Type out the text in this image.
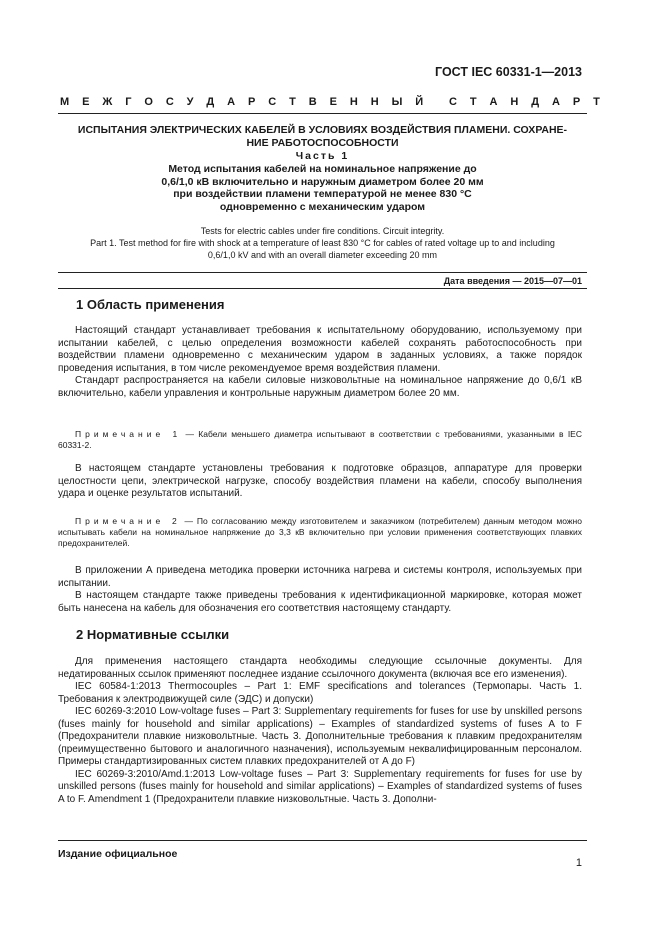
ГОСТ IEC 60331-1—2013
М Е Ж Г О С У Д А Р С Т В Е Н Н Ы Й С Т А Н Д А Р Т
ИСПЫТАНИЯ ЭЛЕКТРИЧЕСКИХ КАБЕЛЕЙ В УСЛОВИЯХ ВОЗДЕЙСТВИЯ ПЛАМЕНИ. СОХРАНЕ-
НИЕ РАБОТОСПОСОБНОСТИ
Часть 1
Метод испытания кабелей на номинальное напряжение до
0,6/1,0 кВ включительно и наружным диаметром более 20 мм
при воздействии пламени температурой не менее 830 °С
одновременно с механическим ударом
Tests for electric cables under fire conditions. Circuit integrity.
Part 1. Test method for fire with shock at a temperature of least 830 °C for cables of rated voltage up to and including
0,6/1,0 kV and with an overall diameter exceeding 20 mm
Дата введения — 2015—07—01
1 Область применения

Настоящий стандарт устанавливает требования к испытательному оборудованию, используемому при испытании кабелей, с целью определения возможности кабелей сохранять работоспособность при воздействии пламени одновременно с механическим ударом в заданных условиях, а также порядок проведения испытания, в том числе рекомендуемое время воздействия пламени.

Стандарт распространяется на кабели силовые низковольтные на номинальное напряжение до 0,6/1 кВ включительно, кабели управления и контрольные наружным диаметром более 20 мм.

Примечание 1 — Кабели меньшего диаметра испытывают в соответствии с требованиями, указанными в IEC 60331-2.

В настоящем стандарте установлены требования к подготовке образцов, аппаратуре для проверки целостности цепи, электрической нагрузке, способу воздействия пламени на кабели, способу выполнения удара и оценке результатов испытаний.

Примечание 2 — По согласованию между изготовителем и заказчиком (потребителем) данным методом можно испытывать кабели на номинальное напряжение до 3,3 кВ включительно при условии применения соответствующих плавких предохранителей.

В приложении А приведена методика проверки источника нагрева и системы контроля, используемых при испытании.

В настоящем стандарте также приведены требования к идентификационной маркировке, которая может быть нанесена на кабель для обозначения его соответствия настоящему стандарту.

2 Нормативные ссылки

Для применения настоящего стандарта необходимы следующие ссылочные документы. Для недатированных ссылок применяют последнее издание ссылочного документа (включая все его изменения).

IEC 60584-1:2013 Thermocouples – Part 1: EMF specifications and tolerances (Термопары. Часть 1. Требования к электродвижущей силе (ЭДС) и допуски)

IEC 60269-3:2010 Low-voltage fuses – Part 3: Supplementary requirements for fuses for use by unskilled persons (fuses mainly for household and similar applications) – Examples of standardized systems of fuses A to F (Предохранители плавкие низковольтные. Часть 3. Дополнительные требования к плавким предохранителям (преимущественно бытового и аналогичного назначения), используемым неквалифицированным персоналом. Примеры стандартизированных систем плавких предохранителей от А до F)

IEC 60269-3:2010/Amd.1:2013 Low-voltage fuses – Part 3: Supplementary requirements for fuses for use by unskilled persons (fuses mainly for household and similar applications) – Examples of standardized systems of fuses A to F. Amendment 1 (Предохранители плавкие низковольтные. Часть 3. Дополни-

Издание официальное
1
